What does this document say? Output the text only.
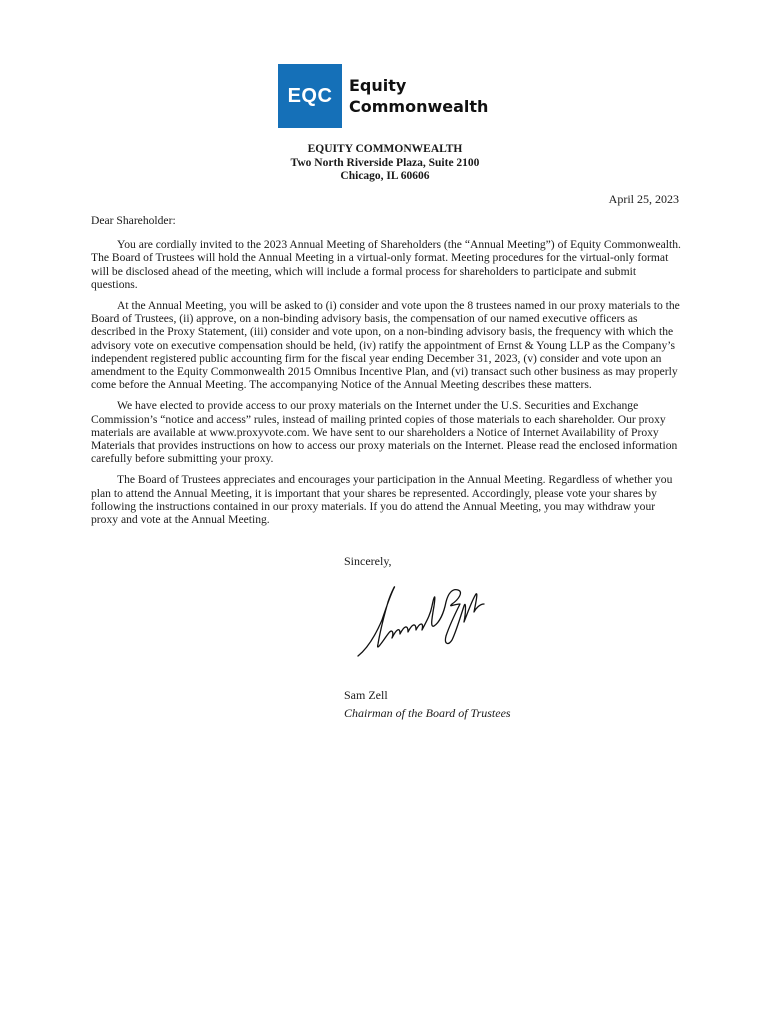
EQC	Equity
Commonwealth
EQUITY COMMONWEALTH
Two North Riverside Plaza, Suite 2100
Chicago, IL 60606
April 25, 2023

Dear Shareholder:

You are cordially invited to the 2023 Annual Meeting of Shareholders (the “Annual Meeting”) of Equity Commonwealth. The Board of Trustees will hold the Annual Meeting in a virtual-only format. Meeting procedures for the virtual-only format will be disclosed ahead of the meeting, which will include a formal process for shareholders to participate and submit questions.

At the Annual Meeting, you will be asked to (i) consider and vote upon the 8 trustees named in our proxy materials to the Board of Trustees, (ii) approve, on a non-binding advisory basis, the compensation of our named executive officers as described in the Proxy Statement, (iii) consider and vote upon, on a non-binding advisory basis, the frequency with which the advisory vote on executive compensation should be held, (iv) ratify the appointment of Ernst & Young LLP as the Company’s independent registered public accounting firm for the fiscal year ending December 31, 2023, (v) consider and vote upon an amendment to the Equity Commonwealth 2015 Omnibus Incentive Plan, and (vi) transact such other business as may properly come before the Annual Meeting. The accompanying Notice of the Annual Meeting describes these matters.

We have elected to provide access to our proxy materials on the Internet under the U.S. Securities and Exchange Commission’s “notice and access” rules, instead of mailing printed copies of those materials to each shareholder. Our proxy materials are available at www.proxyvote.com. We have sent to our shareholders a Notice of Internet Availability of Proxy Materials that provides instructions on how to access our proxy materials on the Internet. Please read the enclosed information carefully before submitting your proxy.

The Board of Trustees appreciates and encourages your participation in the Annual Meeting. Regardless of whether you plan to attend the Annual Meeting, it is important that your shares be represented. Accordingly, please vote your shares by following the instructions contained in our proxy materials. If you do attend the Annual Meeting, you may withdraw your proxy and vote at the Annual Meeting.

Sincerely,
Sam Zell
Chairman of the Board of Trustees
